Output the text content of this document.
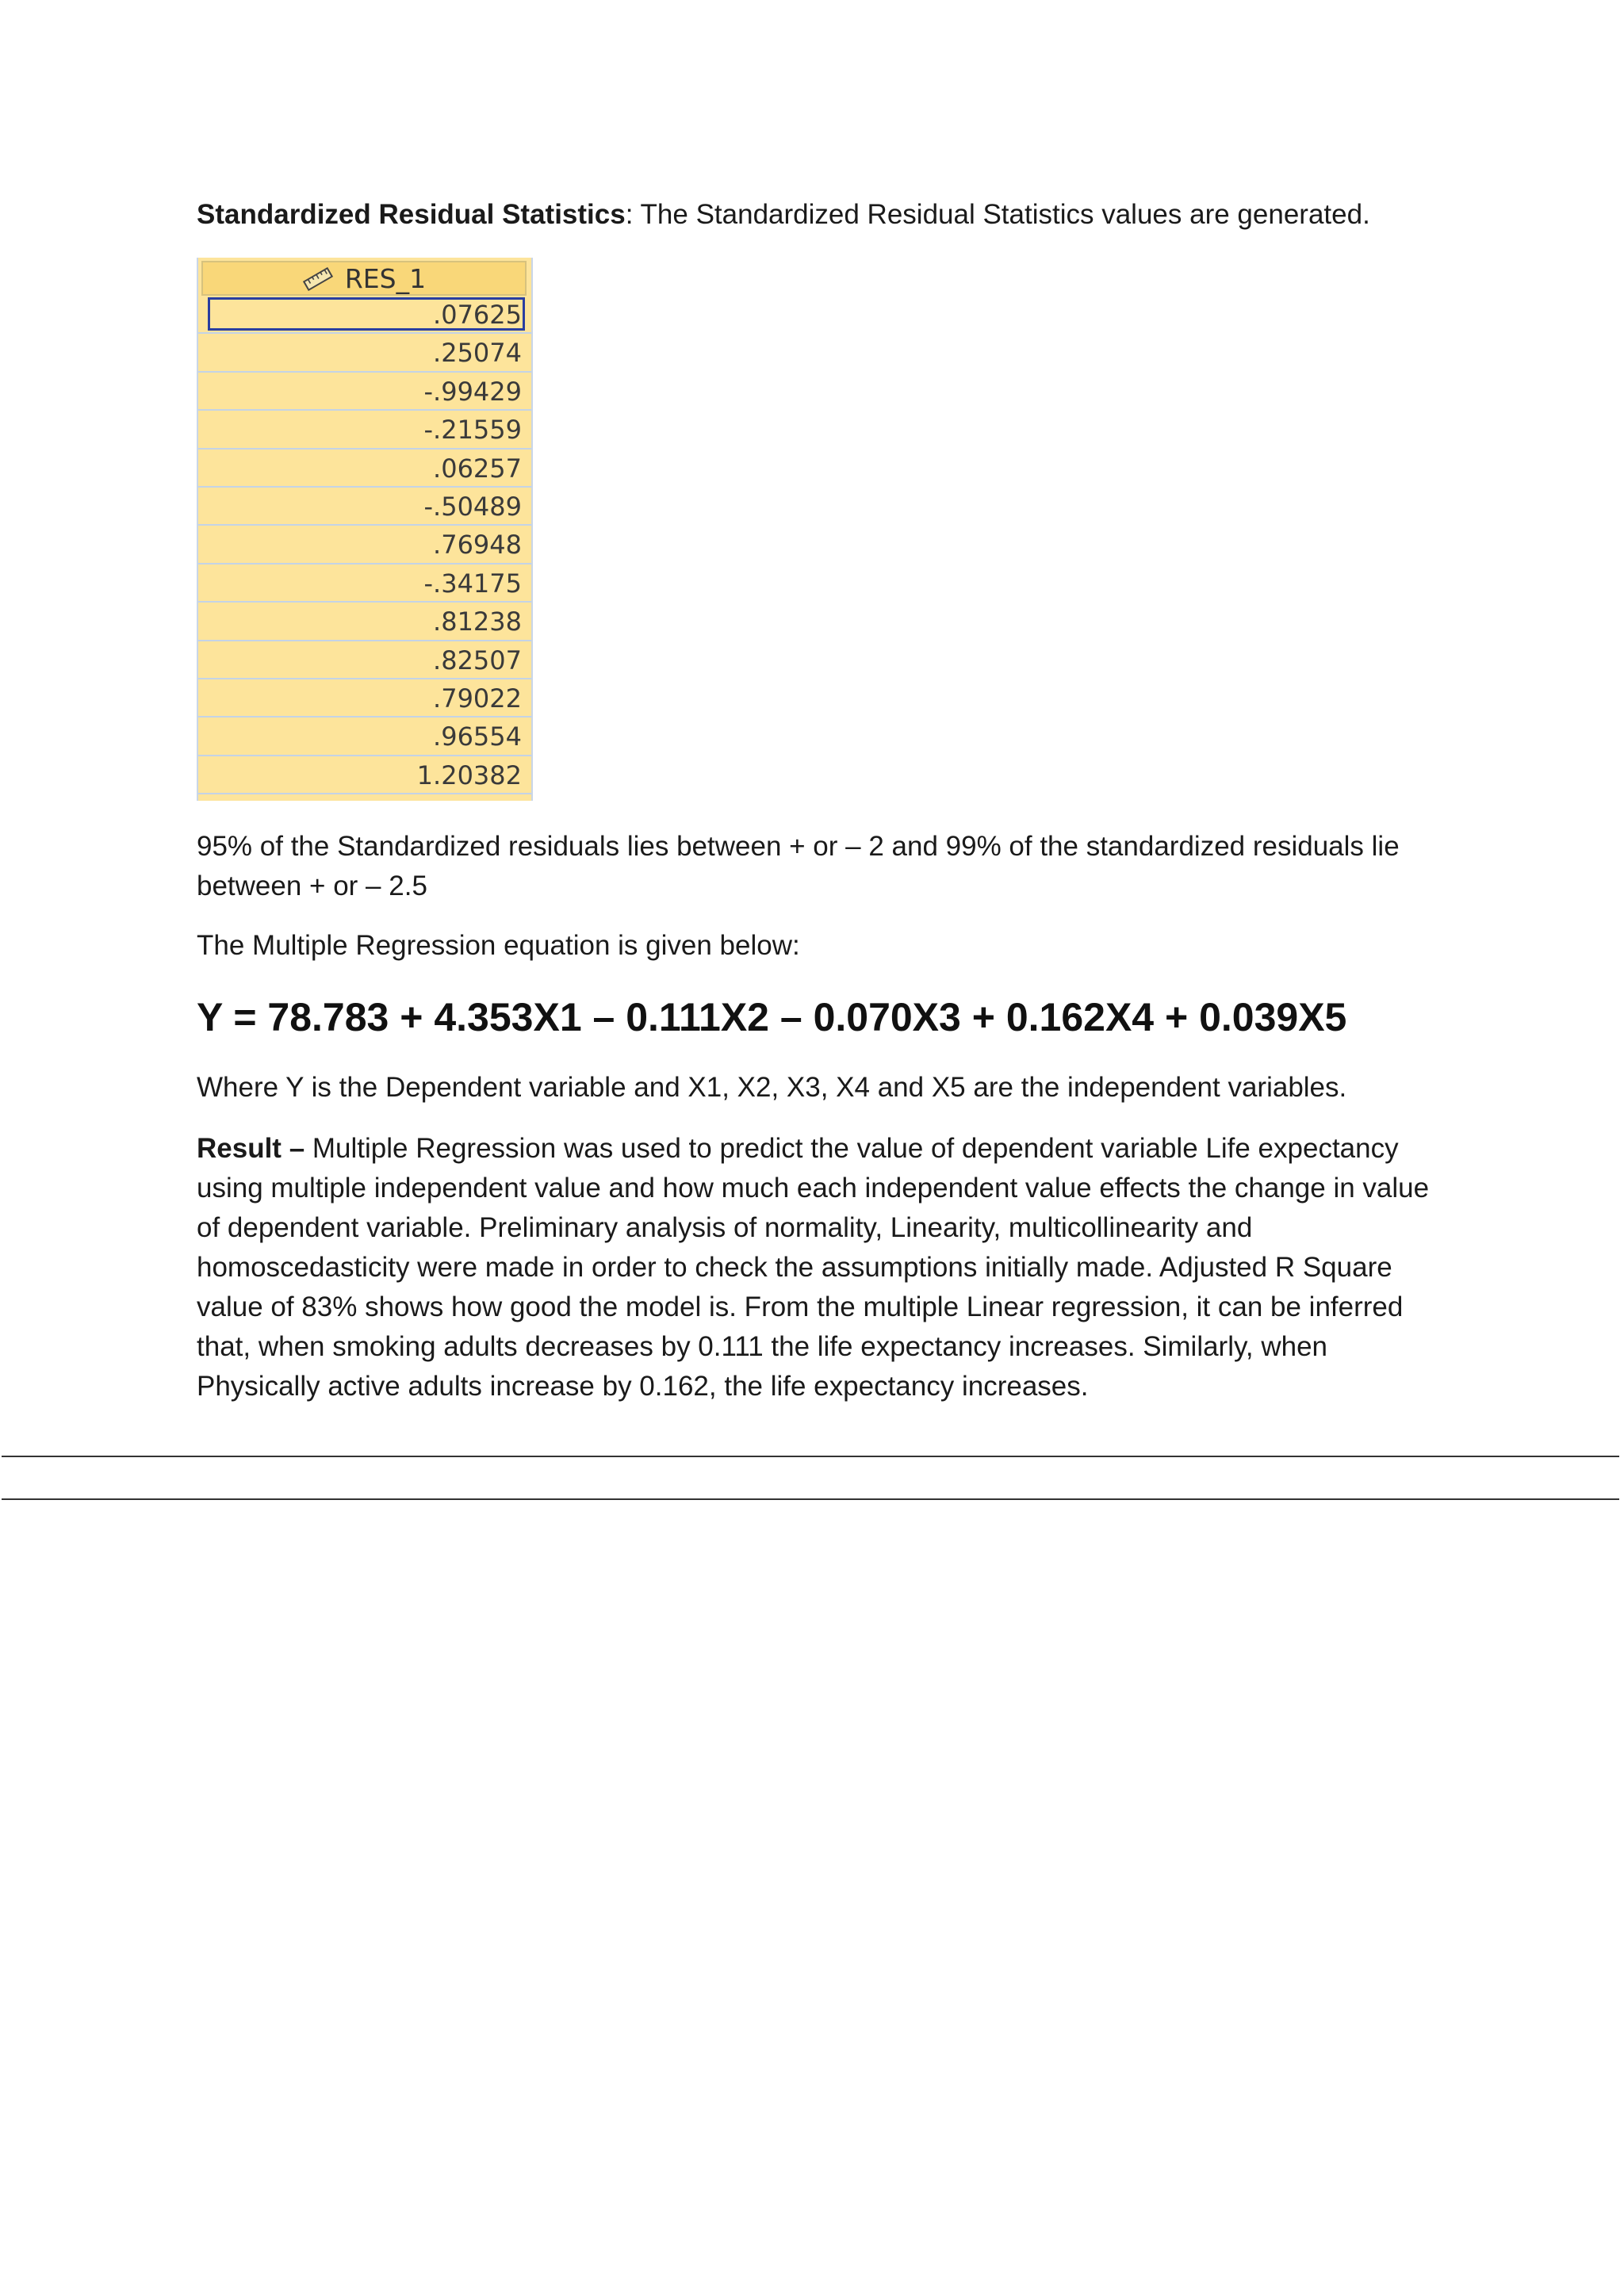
Standardized Residual Statistics: The Standardized Residual Statistics values are generated.

RES_1
.07625
.25074
-.99429
-.21559
.06257
-.50489
.76948
-.34175
.81238
.82507
.79022
.96554
1.20382

95% of the Standardized residuals lies between + or – 2 and 99% of the standardized residuals lie between + or – 2.5

The Multiple Regression equation is given below:

Y = 78.783 + 4.353X1 – 0.111X2 – 0.070X3 + 0.162X4 + 0.039X5

Where Y is the Dependent variable and X1, X2, X3, X4 and X5 are the independent variables.

Result – Multiple Regression was used to predict the value of dependent variable Life expectancy using multiple independent value and how much each independent value effects the change in value of dependent variable. Preliminary analysis of normality, Linearity, multicollinearity and homoscedasticity were made in order to check the assumptions initially made. Adjusted R Square value of 83% shows how good the model is. From the multiple Linear regression, it can be inferred that, when smoking adults decreases by 0.111 the life expectancy increases. Similarly, when Physically active adults increase by 0.162, the life expectancy increases.
